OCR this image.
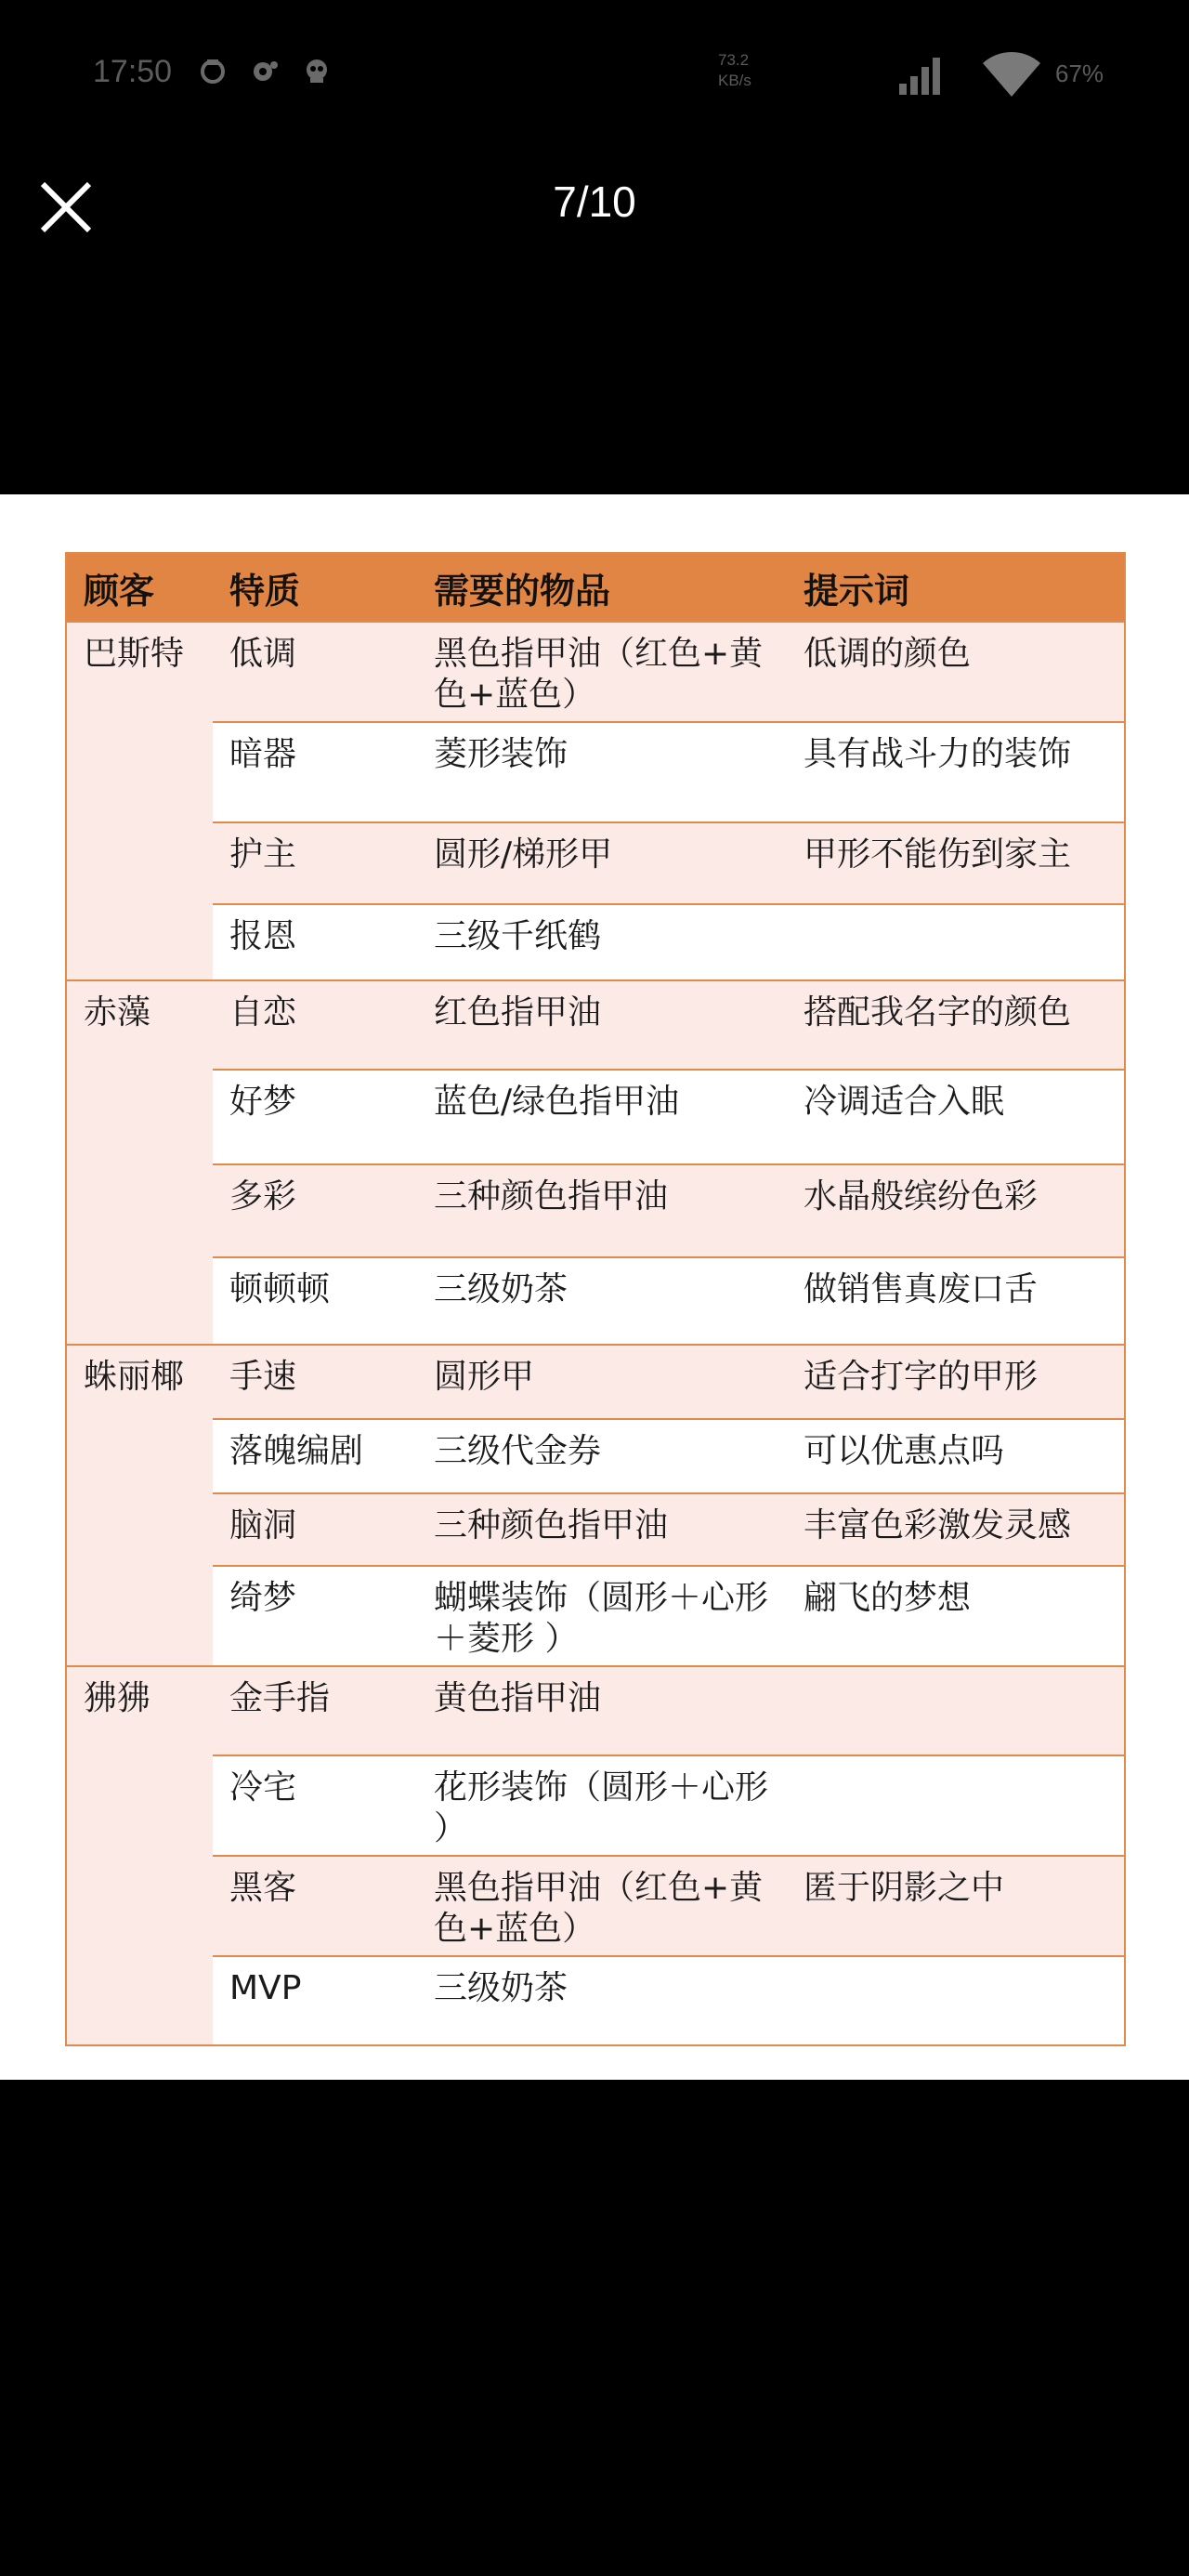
17:50	73.2
KB/s	67%
7/10
顾客	特质	需要的物品	提示词
巴斯特	低调	黑色指甲油（红色+黄色+蓝色）	低调的颜色
	暗器	菱形装饰	具有战斗力的装饰
	护主	圆形/梯形甲	甲形不能伤到家主
	报恩	三级千纸鹤	
赤藻	自恋	红色指甲油	搭配我名字的颜色
	好梦	蓝色/绿色指甲油	冷调适合入眠
	多彩	三种颜色指甲油	水晶般缤纷色彩
	顿顿顿	三级奶茶	做销售真废口舌
蛛丽椰	手速	圆形甲	适合打字的甲形
	落魄编剧	三级代金券	可以优惠点吗
	脑洞	三种颜色指甲油	丰富色彩激发灵感
	绮梦	蝴蝶装饰（圆形＋心形＋菱形 ）	翩飞的梦想
狒狒	金手指	黄色指甲油	
	冷宅	花形装饰（圆形＋心形 ）	
	黑客	黑色指甲油（红色+黄色+蓝色）	匿于阴影之中
	MVP	三级奶茶	
